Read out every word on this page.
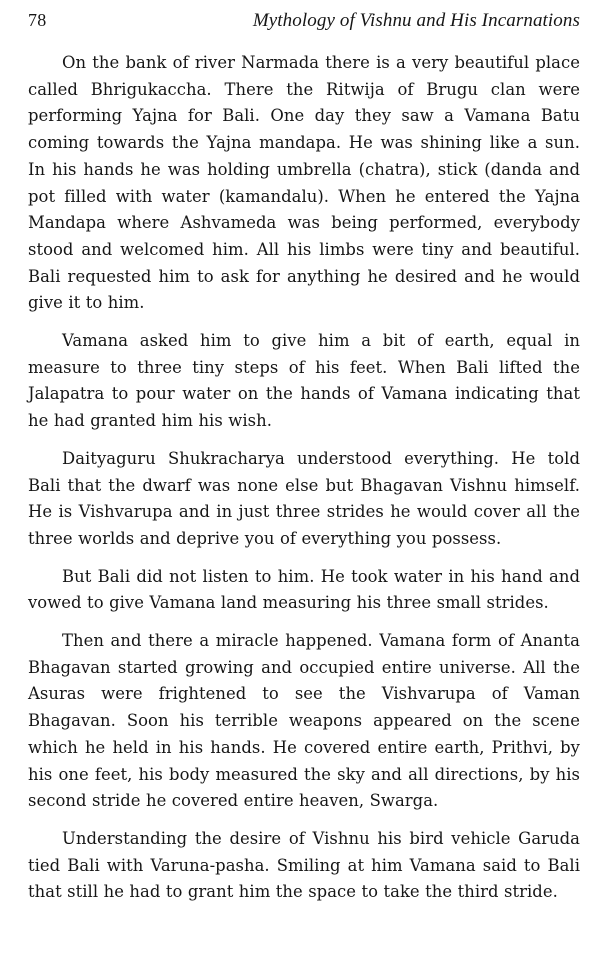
78	Mythology of Vishnu and His Incarnations

On the bank of river Narmada there is a very beautiful place called Bhrigukaccha. There the Ritwija of Brugu clan were performing Yajna for Bali. One day they saw a Vamana Batu coming towards the Yajna mandapa. He was shining like a sun. In his hands he was holding umbrella (chatra), stick (danda and pot filled with water (kamandalu). When he entered the Yajna Mandapa where Ashvameda was being performed, everybody stood and welcomed him. All his limbs were tiny and beautiful. Bali requested him to ask for anything he desired and he would give it to him.

Vamana asked him to give him a bit of earth, equal in measure to three tiny steps of his feet. When Bali lifted the Jalapatra to pour water on the hands of Vamana indicating that he had granted him his wish.

Daityaguru Shukracharya understood everything. He told Bali that the dwarf was none else but Bhagavan Vishnu himself. He is Vishvarupa and in just three strides he would cover all the three worlds and deprive you of everything you possess.

But Bali did not listen to him. He took water in his hand and vowed to give Vamana land measuring his three small strides.

Then and there a miracle happened. Vamana form of Ananta Bhagavan started growing and occupied entire universe. All the Asuras were frightened to see the Vishvarupa of Vaman Bhagavan. Soon his terrible weapons appeared on the scene which he held in his hands. He covered entire earth, Prithvi, by his one feet, his body measured the sky and all directions, by his second stride he covered entire heaven, Swarga.

Understanding the desire of Vishnu his bird vehicle Garuda tied Bali with Varuna-pasha. Smiling at him Vamana said to Bali that still he had to grant him the space to take the third stride.
